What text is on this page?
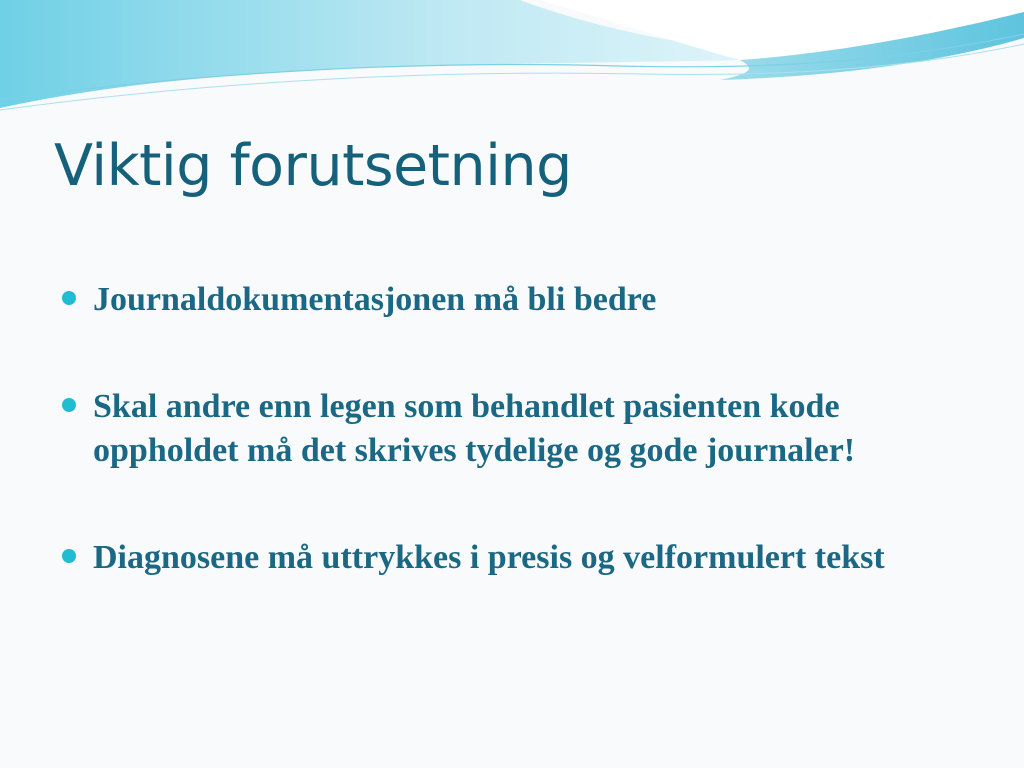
Viktig forutsetning
Journaldokumentasjonen må bli bedre
Skal andre enn legen som behandlet pasienten kode oppholdet må det skrives tydelige og gode journaler!
Diagnosene må uttrykkes i presis og velformulert tekst
